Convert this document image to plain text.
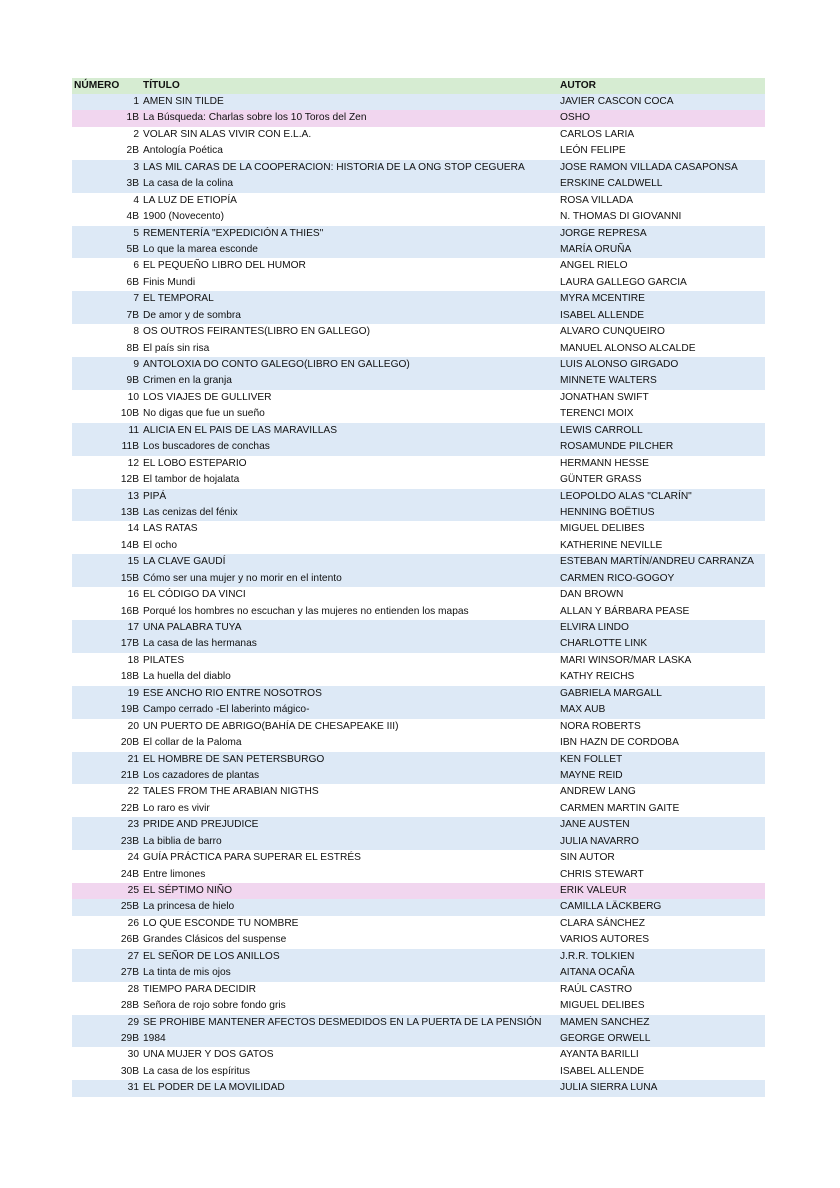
NÚMERO	TÍTULO	AUTOR
1 AMEN SIN TILDE	JAVIER CASCON COCA
1B La Búsqueda: Charlas sobre los 10 Toros del Zen	OSHO
2 VOLAR SIN ALAS VIVIR CON E.L.A.	CARLOS LARIA
2B Antología Poética	LEÓN FELIPE
3 LAS MIL CARAS DE LA COOPERACION: HISTORIA DE LA ONG STOP CEGUERA	JOSE RAMON VILLADA CASAPONSA
3B La casa de la colina	ERSKINE CALDWELL
4 LA LUZ DE ETIOPÍA	ROSA VILLADA
4B 1900 (Novecento)	N. THOMAS DI GIOVANNI
5 REMENTERÍA "EXPEDICIÓN A THIES"	JORGE REPRESA
5B Lo que la marea esconde	MARÍA ORUÑA
6 EL PEQUEÑO LIBRO DEL HUMOR	ANGEL RIELO
6B Finis Mundi	LAURA GALLEGO GARCIA
7 EL TEMPORAL	MYRA MCENTIRE
7B De amor y de sombra	ISABEL ALLENDE
8 OS OUTROS FEIRANTES(LIBRO EN GALLEGO)	ALVARO CUNQUEIRO
8B El país sin risa	MANUEL ALONSO ALCALDE
9 ANTOLOXIA DO CONTO GALEGO(LIBRO EN GALLEGO)	LUIS ALONSO GIRGADO
9B Crimen en la granja	MINNETE WALTERS
10 LOS VIAJES DE GULLIVER	JONATHAN SWIFT
10B No digas que fue un sueño	TERENCI MOIX
11 ALICIA EN EL PAIS DE LAS MARAVILLAS	LEWIS CARROLL
11B Los buscadores de conchas	ROSAMUNDE PILCHER
12 EL LOBO ESTEPARIO	HERMANN HESSE
12B El tambor de hojalata	GÜNTER GRASS
13 PIPÁ	LEOPOLDO ALAS "CLARÍN"
13B Las cenizas del fénix	HENNING BOËTIUS
14 LAS RATAS	MIGUEL DELIBES
14B El ocho	KATHERINE NEVILLE
15 LA CLAVE GAUDÍ	ESTEBAN MARTÍN/ANDREU CARRANZA
15B Cómo ser una mujer y no morir en el intento	CARMEN RICO-GOGOY
16 EL CÓDIGO DA VINCI	DAN BROWN
16B Porqué los hombres no escuchan y las mujeres no entienden los mapas	ALLAN Y BÁRBARA PEASE
17 UNA PALABRA TUYA	ELVIRA LINDO
17B La casa de las hermanas	CHARLOTTE LINK
18 PILATES	MARI WINSOR/MAR LASKA
18B La huella del diablo	KATHY REICHS
19 ESE ANCHO RIO ENTRE NOSOTROS	GABRIELA MARGALL
19B Campo cerrado -El laberinto mágico-	MAX AUB
20 UN PUERTO DE ABRIGO(BAHÍA DE CHESAPEAKE III)	NORA ROBERTS
20B El collar de la Paloma	IBN HAZN DE CORDOBA
21 EL HOMBRE DE SAN PETERSBURGO	KEN FOLLET
21B Los cazadores de plantas	MAYNE REID
22 TALES FROM THE ARABIAN NIGTHS	ANDREW LANG
22B Lo raro es vivir	CARMEN MARTIN GAITE
23 PRIDE AND PREJUDICE	JANE AUSTEN
23B La biblia de barro	JULIA NAVARRO
24 GUÍA PRÁCTICA PARA SUPERAR EL ESTRÉS	SIN AUTOR
24B Entre limones	CHRIS STEWART
25 EL SÉPTIMO NIÑO	ERIK VALEUR
25B La princesa de hielo	CAMILLA LÄCKBERG
26 LO QUE ESCONDE TU NOMBRE	CLARA SÁNCHEZ
26B Grandes Clásicos del suspense	VARIOS AUTORES
27 EL SEÑOR DE LOS ANILLOS	J.R.R. TOLKIEN
27B La tinta de mis ojos	AITANA OCAÑA
28 TIEMPO PARA DECIDIR	RAÚL CASTRO
28B Señora de rojo sobre fondo gris	MIGUEL DELIBES
29 SE PROHIBE MANTENER AFECTOS DESMEDIDOS EN LA PUERTA DE LA PENSIÓN	MAMEN SANCHEZ
29B 1984	GEORGE ORWELL
30 UNA MUJER Y DOS GATOS	AYANTA BARILLI
30B La casa de los espíritus	ISABEL ALLENDE
31 EL PODER DE LA MOVILIDAD	JULIA SIERRA LUNA
